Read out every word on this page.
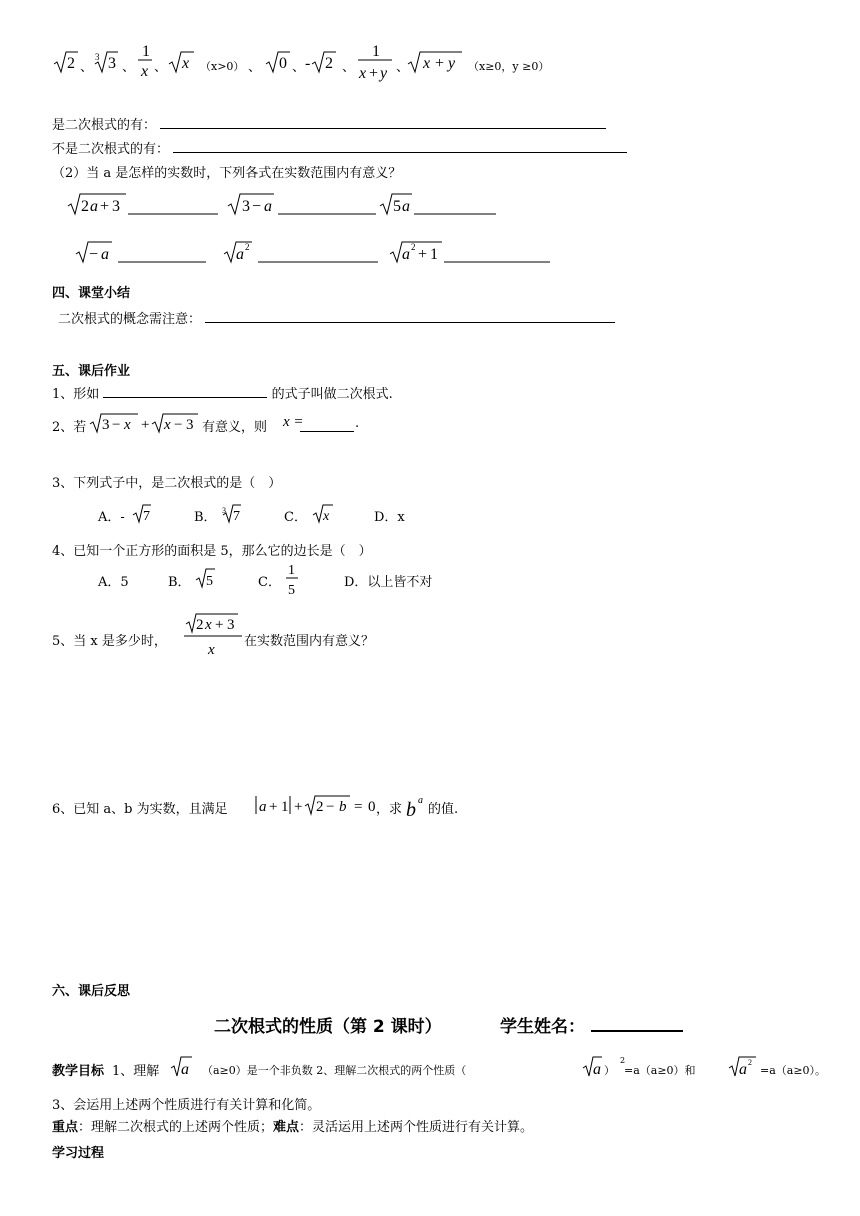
2 3 3
1
x x	0 - 2
1
x + y
x + y
、 、 、	（x>0） 、 、	、	、	（x≥0，y ≥0）
是二次根式的有：
不是二次根式的有：
（2）当 a 是怎样的实数时，下列各式在实数范围内有意义？
2 a + 3	3 − a	5 a
− a	a 2	a 2 + 1
四、课堂小结
二次根式的概念需注意：
五、课后作业
1、形如	的式子叫做二次根式.
2、若 3 − x + x − 3 有意义，则 x =	.
3、下列式子中，是二次根式的是（　）
A．- 7	B． 3 7	C． x	D．x
4、已知一个正方形的面积是 5，那么它的边长是（　）
A．5	B． 5	C．
1
5
D．以上皆不对
5、当 x 是多少时，
2 x + 3
x
在实数范围内有意义？
6、已知 a、b 为实数，且满足 a + 1 + 2 − b = 0 ，求 b a
的值.
六、课后反思
二次根式的性质（第 2 课时）	学生姓名：
教学目标 1、理解 a （a≥0）是一个非负数 2、理解二次根式的两个性质（	a ）
2
=a（a≥0）和	a 2
=a（a≥0）。
3、会运用上述两个性质进行有关计算和化简。
重点：理解二次根式的上述两个性质；难点：灵活运用上述两个性质进行有关计算。
学习过程
